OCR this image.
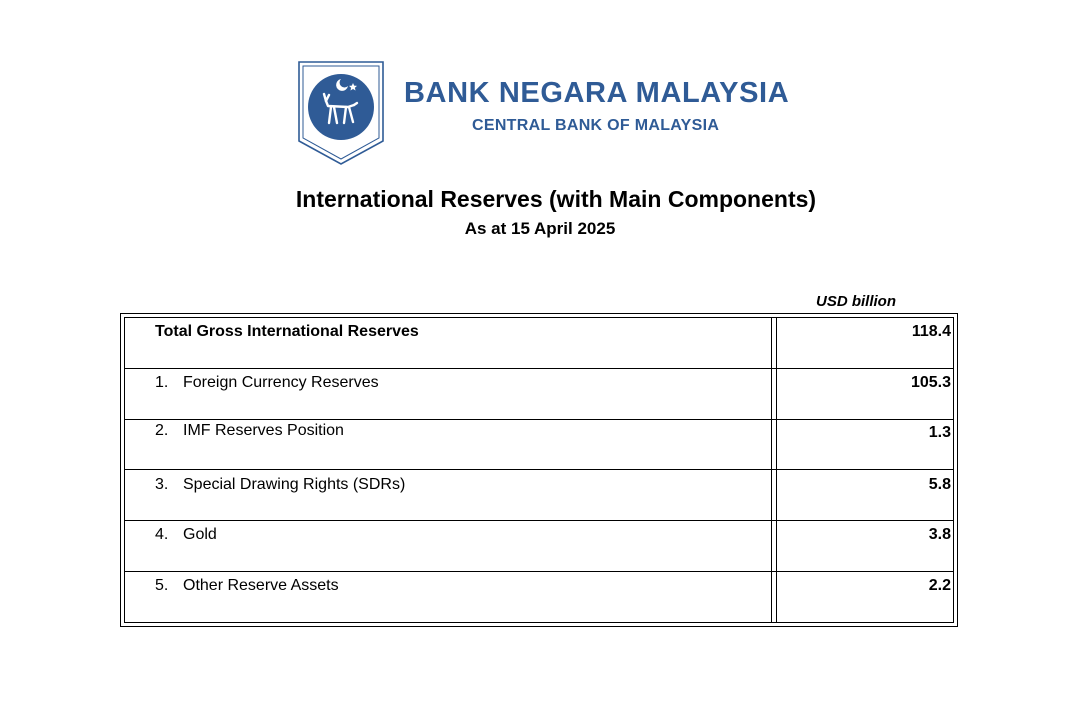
BANK NEGARA MALAYSIA
CENTRAL BANK OF MALAYSIA
International Reserves (with Main Components)
As at 15 April 2025
USD billion
Total Gross International Reserves	118.4
1. Foreign Currency Reserves	105.3
2. IMF Reserves Position	1.3
3. Special Drawing Rights (SDRs)	5.8
4. Gold	3.8
5. Other Reserve Assets	2.2
